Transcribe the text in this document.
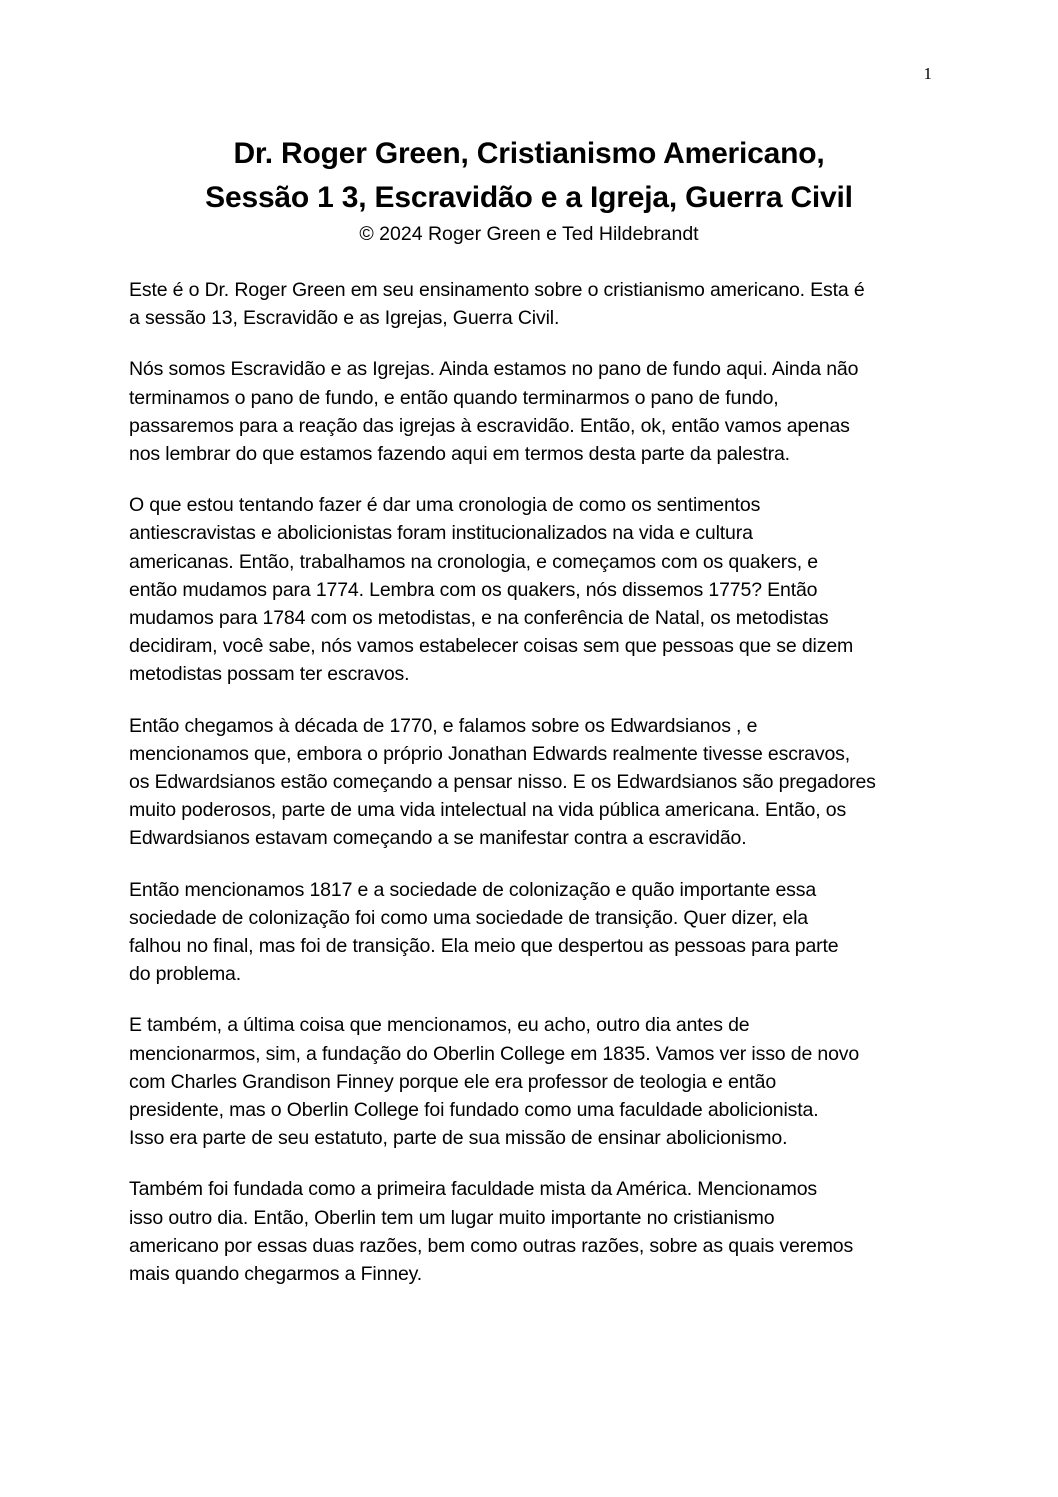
1
Dr. Roger Green, Cristianismo Americano,
Sessão 1 3, Escravidão e a Igreja, Guerra Civil
© 2024 Roger Green e Ted Hildebrandt

Este é o Dr. Roger Green em seu ensinamento sobre o cristianismo americano. Esta é
a sessão 13, Escravidão e as Igrejas, Guerra Civil.

Nós somos Escravidão e as Igrejas. Ainda estamos no pano de fundo aqui. Ainda não
terminamos o pano de fundo, e então quando terminarmos o pano de fundo,
passaremos para a reação das igrejas à escravidão. Então, ok, então vamos apenas
nos lembrar do que estamos fazendo aqui em termos desta parte da palestra.

O que estou tentando fazer é dar uma cronologia de como os sentimentos
antiescravistas e abolicionistas foram institucionalizados na vida e cultura
americanas. Então, trabalhamos na cronologia, e começamos com os quakers, e
então mudamos para 1774. Lembra com os quakers, nós dissemos 1775? Então
mudamos para 1784 com os metodistas, e na conferência de Natal, os metodistas
decidiram, você sabe, nós vamos estabelecer coisas sem que pessoas que se dizem
metodistas possam ter escravos.

Então chegamos à década de 1770, e falamos sobre os Edwardsianos , e
mencionamos que, embora o próprio Jonathan Edwards realmente tivesse escravos,
os Edwardsianos estão começando a pensar nisso. E os Edwardsianos são pregadores
muito poderosos, parte de uma vida intelectual na vida pública americana. Então, os
Edwardsianos estavam começando a se manifestar contra a escravidão.

Então mencionamos 1817 e a sociedade de colonização e quão importante essa
sociedade de colonização foi como uma sociedade de transição. Quer dizer, ela
falhou no final, mas foi de transição. Ela meio que despertou as pessoas para parte
do problema.

E também, a última coisa que mencionamos, eu acho, outro dia antes de
mencionarmos, sim, a fundação do Oberlin College em 1835. Vamos ver isso de novo
com Charles Grandison Finney porque ele era professor de teologia e então
presidente, mas o Oberlin College foi fundado como uma faculdade abolicionista.
Isso era parte de seu estatuto, parte de sua missão de ensinar abolicionismo.

Também foi fundada como a primeira faculdade mista da América. Mencionamos
isso outro dia. Então, Oberlin tem um lugar muito importante no cristianismo
americano por essas duas razões, bem como outras razões, sobre as quais veremos
mais quando chegarmos a Finney.
